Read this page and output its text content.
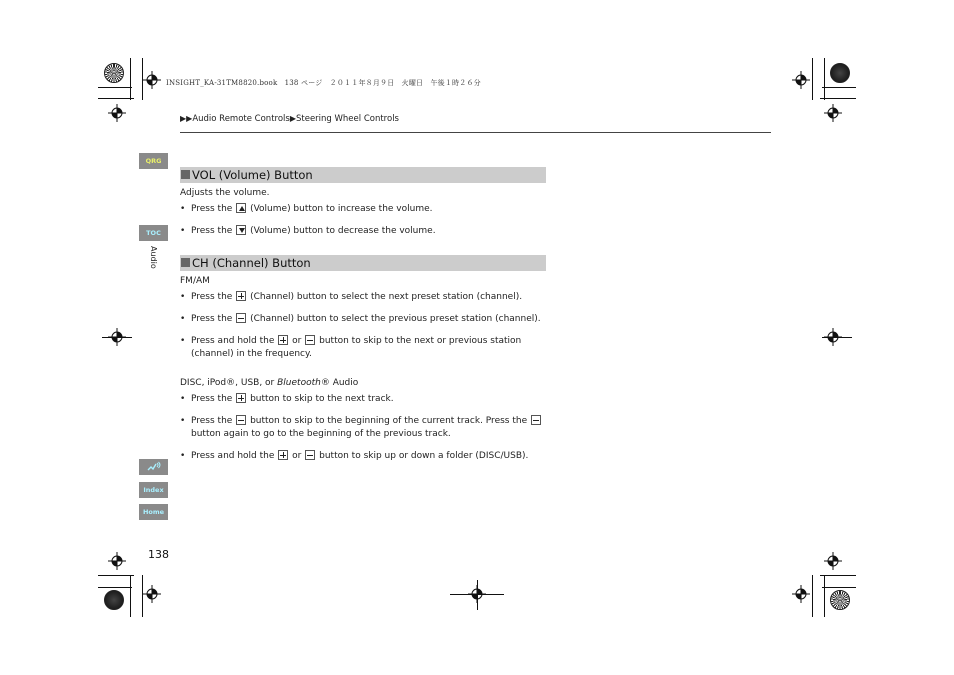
INSIGHT_KA-31TM8820.book　138 ページ　２０１１年８月９日　火曜日　午後１時２６分
▶▶Audio Remote Controls▶Steering Wheel Controls
QRG
TOC
Audio
Index
Home
138
VOL (Volume) Button
Adjusts the volume.
• Press the (Volume) button to increase the volume.
• Press the (Volume) button to decrease the volume.
CH (Channel) Button
FM/AM
• Press the (Channel) button to select the next preset station (channel).
• Press the (Channel) button to select the previous preset station (channel).
• Press and hold the or button to skip to the next or previous station
(channel) in the frequency.
DISC, iPod®, USB, or Bluetooth® Audio
• Press the button to skip to the next track.
• Press the button to skip to the beginning of the current track. Press the
button again to go to the beginning of the previous track.
• Press and hold the or button to skip up or down a folder (DISC/USB).
